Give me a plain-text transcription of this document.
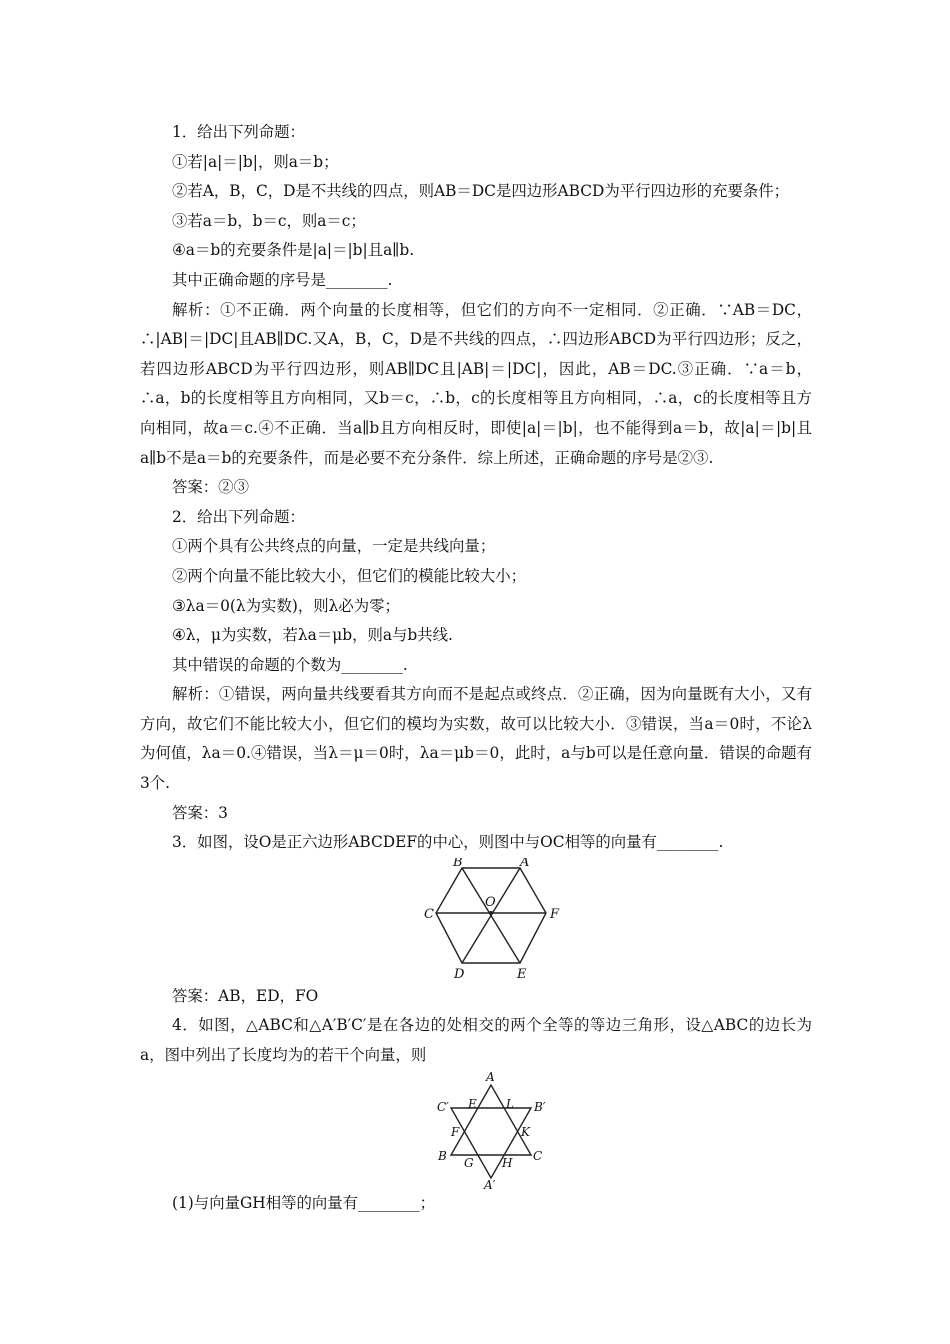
1．给出下列命题：

①若|a|＝|b|，则a＝b；

②若A，B，C，D是不共线的四点，则AB＝DC是四边形ABCD为平行四边形的充要条件；

③若a＝b，b＝c，则a＝c；

④a＝b的充要条件是|a|＝|b|且a∥b.

其中正确命题的序号是________.

解析：①不正确．两个向量的长度相等，但它们的方向不一定相同．②正确．∵AB＝DC，∴|AB|＝|DC|且AB∥DC.又A，B，C，D是不共线的四点，∴四边形ABCD为平行四边形；反之，若四边形ABCD为平行四边形，则AB∥DC且|AB|＝|DC|，因此，AB＝DC.③正确．∵a＝b，∴a，b的长度相等且方向相同，又b＝c，∴b，c的长度相等且方向相同，∴a，c的长度相等且方向相同，故a＝c.④不正确．当a∥b且方向相反时，即使|a|＝|b|，也不能得到a＝b，故|a|＝|b|且a∥b不是a＝b的充要条件，而是必要不充分条件．综上所述，正确命题的序号是②③.

答案：②③

2．给出下列命题：

①两个具有公共终点的向量，一定是共线向量；

②两个向量不能比较大小，但它们的模能比较大小；

③λa＝0(λ为实数)，则λ必为零；

④λ，μ为实数，若λa＝μb，则a与b共线.

其中错误的命题的个数为________.

解析：①错误，两向量共线要看其方向而不是起点或终点．②正确，因为向量既有大小，又有方向，故它们不能比较大小，但它们的模均为实数，故可以比较大小．③错误，当a＝0时，不论λ为何值，λa＝0.④错误，当λ＝μ＝0时，λa＝μb＝0，此时，a与b可以是任意向量．错误的命题有3个.

答案：3

3．如图，设O是正六边形ABCDEF的中心，则图中与OC相等的向量有________.

B	A
C	F
O
D	E

答案：AB，ED，FO

4．如图，△ABC和△A′B′C′是在各边的处相交的两个全等的等边三角形，设△ABC的边长为a，图中列出了长度均为的若干个向量，则

A
C′	B′
E L
F	K
B	C
G H
A′

(1)与向量GH相等的向量有________；
